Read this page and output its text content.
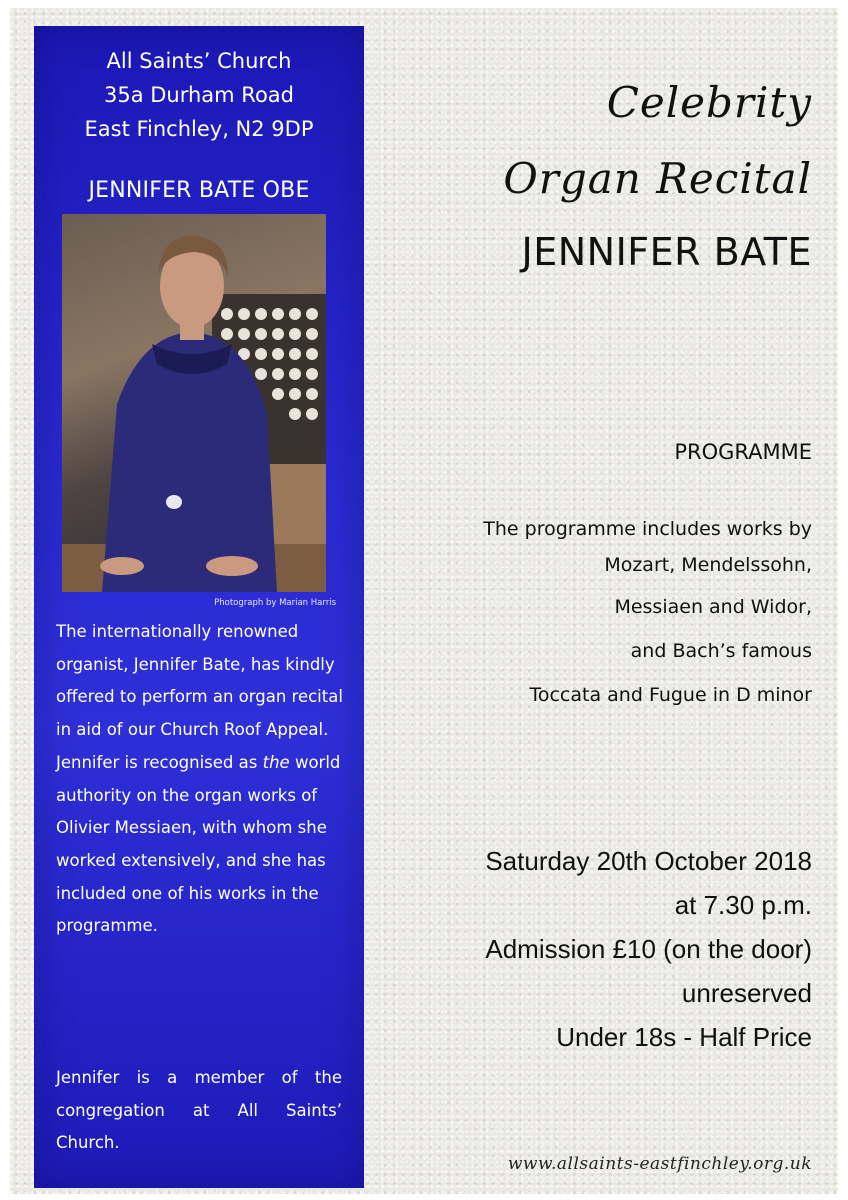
All Saints’ Church
35a Durham Road
East Finchley, N2 9DP
JENNIFER BATE OBE
Photograph by Marian Harris
The internationally renowned organist, Jennifer Bate, has kindly offered to perform an organ recital in aid of our Church Roof Appeal. Jennifer is recognised as the world authority on the organ works of Olivier Messiaen, with whom she worked extensively, and she has included one of his works in the programme.
Jennifer is a member of the congregation at All Saints’ Church.
Celebrity
Organ Recital
JENNIFER BATE
PROGRAMME
The programme includes works by
Mozart, Mendelssohn,
Messiaen and Widor,
and Bach’s famous
Toccata and Fugue in D minor
Saturday 20th October 2018
at 7.30 p.m.
Admission £10 (on the door)
unreserved
Under 18s - Half Price
www.allsaints-eastfinchley.org.uk
